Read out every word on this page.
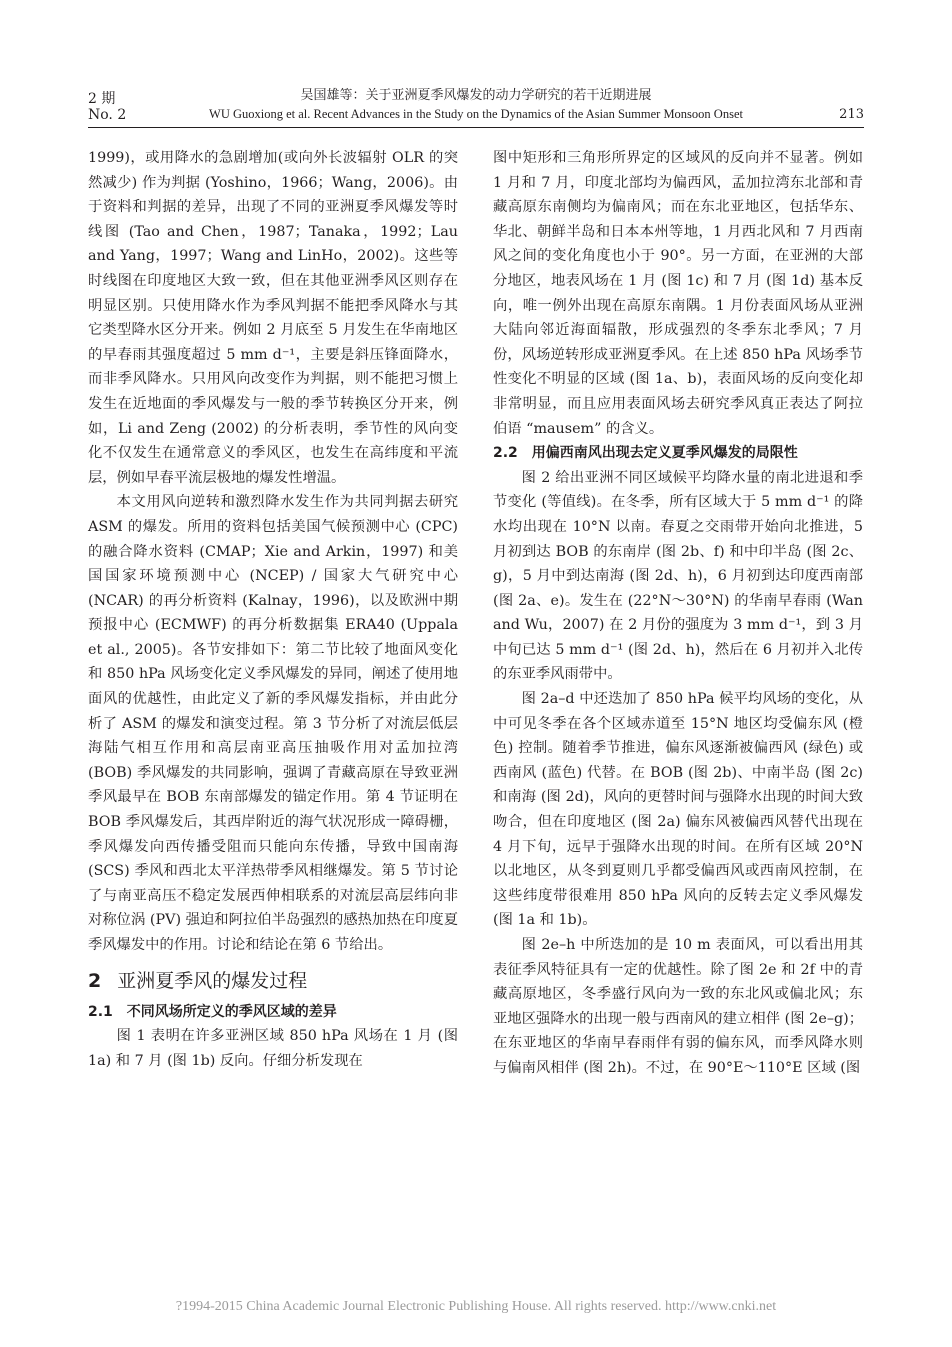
2 期
No. 2
吴国雄等：关于亚洲夏季风爆发的动力学研究的若干近期进展
WU Guoxiong et al. Recent Advances in the Study on the Dynamics of the Asian Summer Monsoon Onset	213

1999)，或用降水的急剧增加(或向外长波辐射 OLR 的突然减少) 作为判据 (Yoshino，1966；Wang，2006)。由于资料和判据的差异，出现了不同的亚洲夏季风爆发等时线图 (Tao and Chen，1987；Tanaka，1992；Lau and Yang，1997；Wang and LinHo，2002)。这些等时线图在印度地区大致一致，但在其他亚洲季风区则存在明显区别。只使用降水作为季风判据不能把季风降水与其它类型降水区分开来。例如 2 月底至 5 月发生在华南地区的早春雨其强度超过 5 mm d⁻¹，主要是斜压锋面降水，而非季风降水。只用风向改变作为判据，则不能把习惯上发生在近地面的季风爆发与一般的季节转换区分开来，例如，Li and Zeng (2002) 的分析表明，季节性的风向变化不仅发生在通常意义的季风区，也发生在高纬度和平流层，例如早春平流层极地的爆发性增温。

本文用风向逆转和激烈降水发生作为共同判据去研究 ASM 的爆发。所用的资料包括美国气候预测中心 (CPC) 的融合降水资料 (CMAP；Xie and Arkin，1997) 和美国国家环境预测中心 (NCEP) / 国家大气研究中心 (NCAR) 的再分析资料 (Kalnay，1996)，以及欧洲中期预报中心 (ECMWF) 的再分析数据集 ERA40 (Uppala et al., 2005)。各节安排如下：第二节比较了地面风变化和 850 hPa 风场变化定义季风爆发的异同，阐述了使用地面风的优越性，由此定义了新的季风爆发指标，并由此分析了 ASM 的爆发和演变过程。第 3 节分析了对流层低层海陆气相互作用和高层南亚高压抽吸作用对孟加拉湾 (BOB) 季风爆发的共同影响，强调了青藏高原在导致亚洲季风最早在 BOB 东南部爆发的锚定作用。第 4 节证明在 BOB 季风爆发后，其西岸附近的海气状况形成一障碍栅，季风爆发向西传播受阻而只能向东传播，导致中国南海 (SCS) 季风和西北太平洋热带季风相继爆发。第 5 节讨论了与南亚高压不稳定发展西伸相联系的对流层高层纬向非对称位涡 (PV) 强迫和阿拉伯半岛强烈的感热加热在印度夏季风爆发中的作用。讨论和结论在第 6 节给出。

2 亚洲夏季风的爆发过程
2.1　不同风场所定义的季风区域的差异

图 1 表明在许多亚洲区域 850 hPa 风场在 1 月 (图 1a) 和 7 月 (图 1b) 反向。仔细分析发现在

图中矩形和三角形所界定的区域风的反向并不显著。例如 1 月和 7 月，印度北部均为偏西风，孟加拉湾东北部和青藏高原东南侧均为偏南风；而在东北亚地区，包括华东、华北、朝鲜半岛和日本本州等地，1 月西北风和 7 月西南风之间的变化角度也小于 90°。另一方面，在亚洲的大部分地区，地表风场在 1 月 (图 1c) 和 7 月 (图 1d) 基本反向，唯一例外出现在高原东南隅。1 月份表面风场从亚洲大陆向邻近海面辐散，形成强烈的冬季东北季风；7 月份，风场逆转形成亚洲夏季风。在上述 850 hPa 风场季节性变化不明显的区域 (图 1a、b)，表面风场的反向变化却非常明显，而且应用表面风场去研究季风真正表达了阿拉伯语 “mausem” 的含义。

2.2　用偏西南风出现去定义夏季风爆发的局限性

图 2 给出亚洲不同区域候平均降水量的南北进退和季节变化 (等值线)。在冬季，所有区域大于 5 mm d⁻¹ 的降水均出现在 10°N 以南。春夏之交雨带开始向北推进，5 月初到达 BOB 的东南岸 (图 2b、f) 和中印半岛 (图 2c、g)，5 月中到达南海 (图 2d、h)，6 月初到达印度西南部 (图 2a、e)。发生在 (22°N～30°N) 的华南早春雨 (Wan and Wu，2007) 在 2 月份的强度为 3 mm d⁻¹，到 3 月中旬已达 5 mm d⁻¹ (图 2d、h)，然后在 6 月初并入北传的东亚季风雨带中。

图 2a–d 中还迭加了 850 hPa 候平均风场的变化，从中可见冬季在各个区域赤道至 15°N 地区均受偏东风 (橙色) 控制。随着季节推进，偏东风逐渐被偏西风 (绿色) 或西南风 (蓝色) 代替。在 BOB (图 2b)、中南半岛 (图 2c) 和南海 (图 2d)，风向的更替时间与强降水出现的时间大致吻合，但在印度地区 (图 2a) 偏东风被偏西风替代出现在 4 月下旬，远早于强降水出现的时间。在所有区域 20°N 以北地区，从冬到夏则几乎都受偏西风或西南风控制，在这些纬度带很难用 850 hPa 风向的反转去定义季风爆发 (图 1a 和 1b)。

图 2e–h 中所迭加的是 10 m 表面风，可以看出用其表征季风特征具有一定的优越性。除了图 2e 和 2f 中的青藏高原地区，冬季盛行风向为一致的东北风或偏北风；东亚地区强降水的出现一般与西南风的建立相伴 (图 2e–g)；在东亚地区的华南早春雨伴有弱的偏东风，而季风降水则与偏南风相伴 (图 2h)。不过，在 90°E～110°E 区域 (图

?1994-2015 China Academic Journal Electronic Publishing House. All rights reserved. http://www.cnki.net
